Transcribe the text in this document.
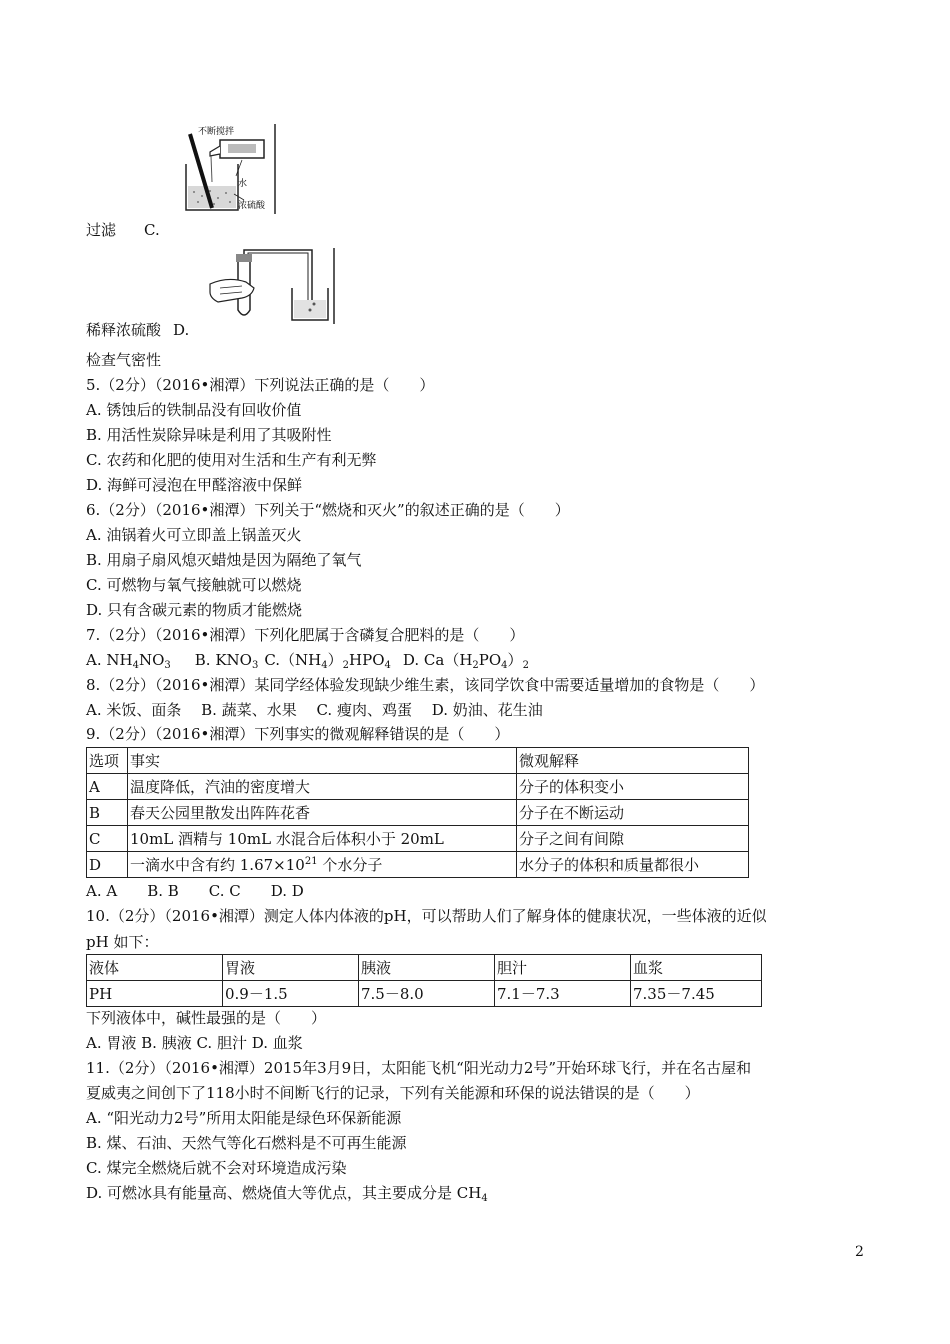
不断搅拌
水
浓硫酸
过滤 C.
稀释浓硫酸 D.
检查气密性
5.（2分）（2016•湘潭）下列说法正确的是（　　）
A. 锈蚀后的铁制品没有回收价值
B. 用活性炭除异味是利用了其吸附性
C. 农药和化肥的使用对生活和生产有利无弊
D. 海鲜可浸泡在甲醛溶液中保鲜
6.（2分）（2016•湘潭）下列关于“燃烧和灭火”的叙述正确的是（　　）
A. 油锅着火可立即盖上锅盖灭火
B. 用扇子扇风熄灭蜡烛是因为隔绝了氧气
C. 可燃物与氧气接触就可以燃烧
D. 只有含碳元素的物质才能燃烧
7.（2分）（2016•湘潭）下列化肥属于含磷复合肥料的是（　　）
A. $NH_4NO_3$ B. $KNO_3$ $C.(NH_4)_2HPO_4$ D. $Ca(H_2PO_4)_2$
8.（2分）（2016•湘潭）某同学经体验发现缺少维生素，该同学饮食中需要适量增加的食物是（　　）
A. 米饭、面条　 B. 蔬菜、水果　 C. 瘦肉、鸡蛋　 D. 奶油、花生油
9.（2分）（2016•湘潭）下列事实的微观解释错误的是（　　）
选项	事实	微观解释
A	温度降低，汽油的密度增大	分子的体积变小
B	春天公园里散发出阵阵花香	分子在不断运动
C	10mL 酒精与 10mL 水混合后体积小于 20mL	分子之间有间隙
D	一滴水中含有约 $1.67\times 10^{21}$ 个水分子	水分子的体积和质量都很小
A. A　　B. B　　C. C　　D. D
10.（2分）（2016•湘潭）测定人体内体液的pH，可以帮助人们了解身体的健康状况，一些体液的近似
pH 如下：
液体	胃液	胰液	胆汁	血浆
PH	0.9－1.5	7.5－8.0	7.1－7.3	7.35－7.45
下列液体中，碱性最强的是（　　）
A. 胃液 B. 胰液 C. 胆汁 D. 血浆
11.（2分）（2016•湘潭）2015年3月9日，太阳能飞机“阳光动力2号”开始环球飞行，并在名古屋和
夏威夷之间创下了118小时不间断飞行的记录，下列有关能源和环保的说法错误的是（　　）
A. “阳光动力2号”所用太阳能是绿色环保新能源
B. 煤、石油、天然气等化石燃料是不可再生能源
C. 煤完全燃烧后就不会对环境造成污染
D. 可燃冰具有能量高、燃烧值大等优点，其主要成分是 $CH_4$
2
